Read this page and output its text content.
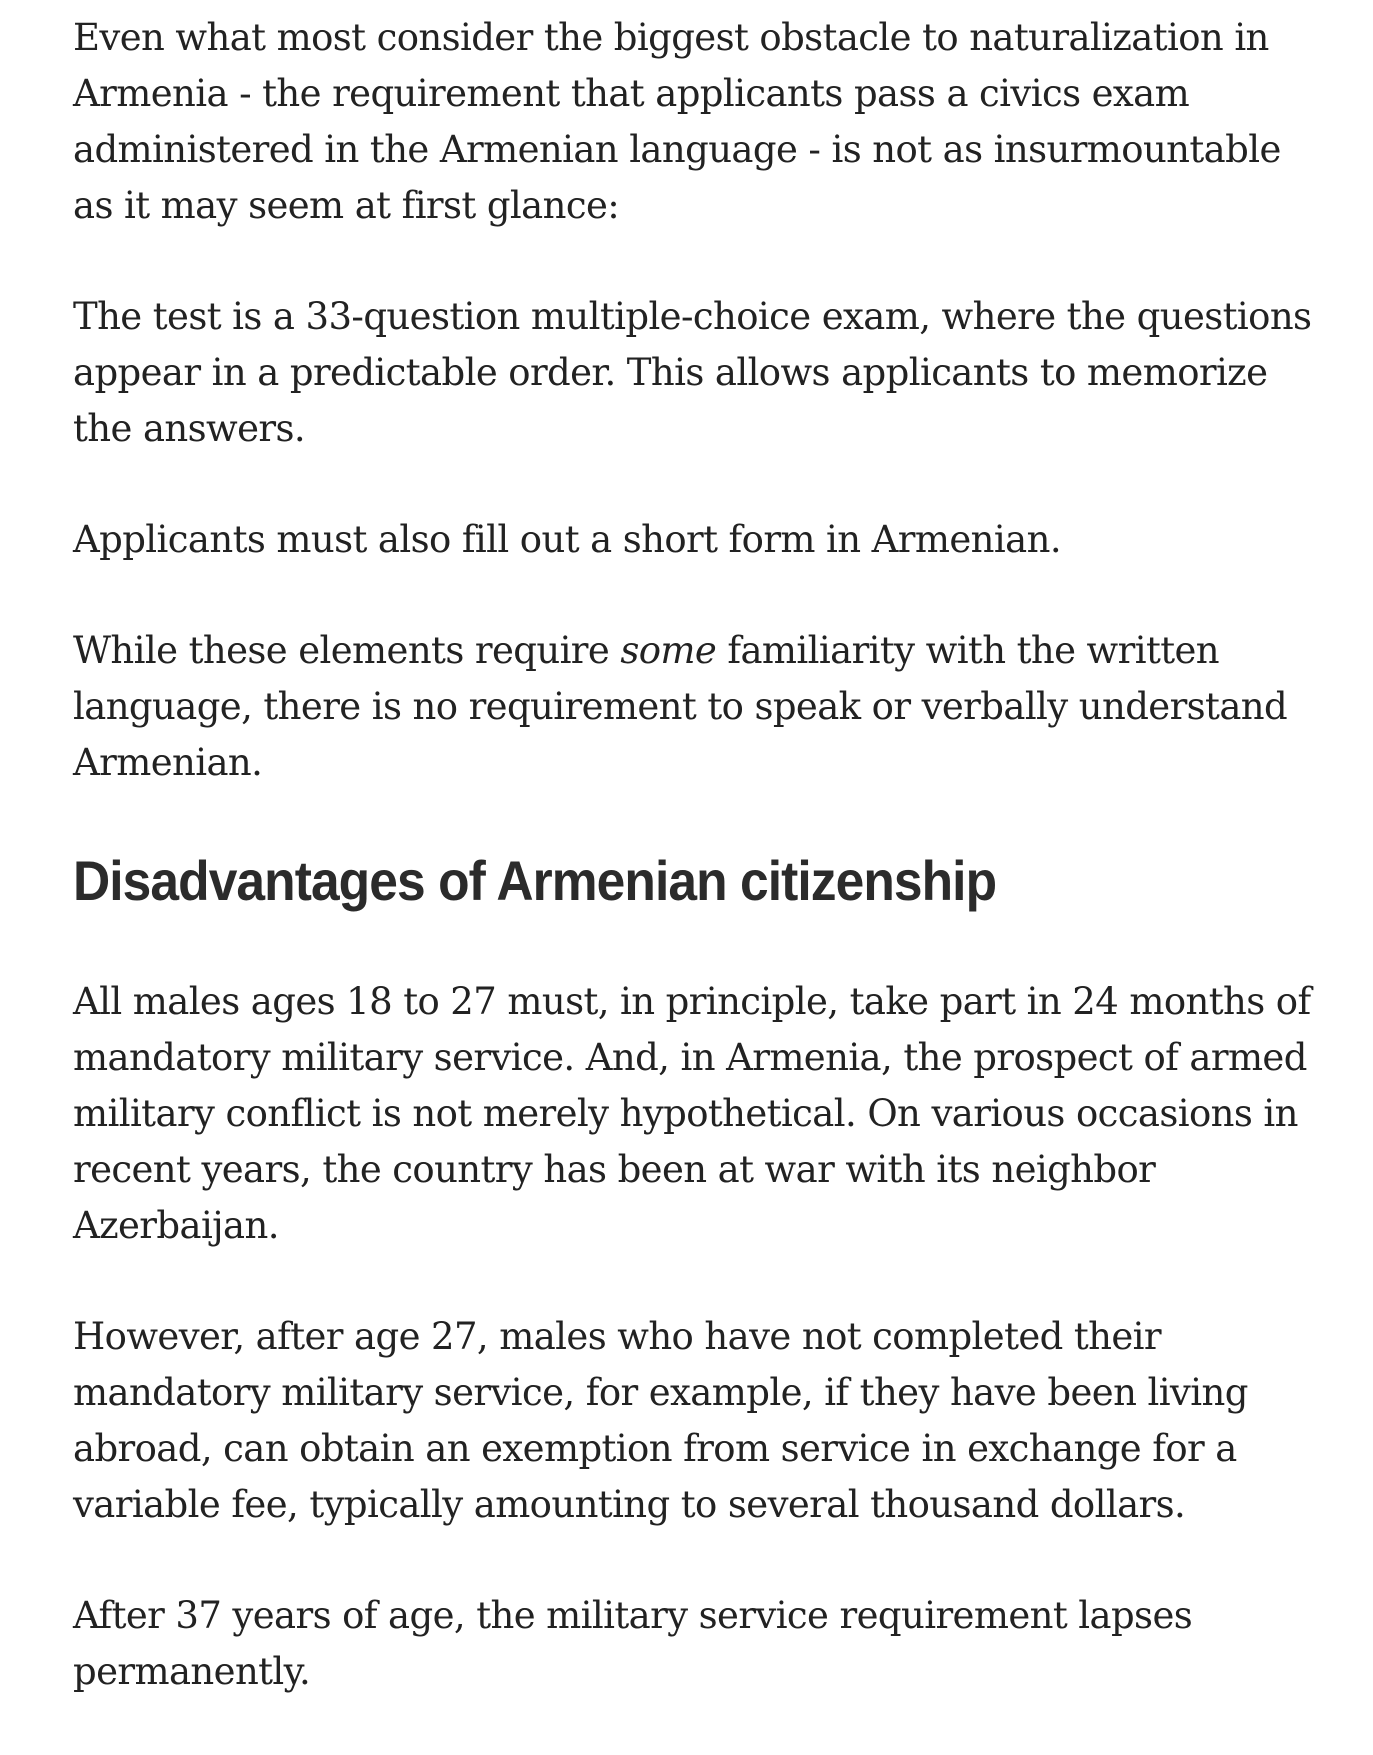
Even what most consider the biggest obstacle to naturalization in Armenia - the requirement that applicants pass a civics exam administered in the Armenian language - is not as insurmountable as it may seem at first glance:

The test is a 33-question multiple-choice exam, where the questions appear in a predictable order. This allows applicants to memorize the answers.

Applicants must also fill out a short form in Armenian.

While these elements require some familiarity with the written language, there is no requirement to speak or verbally understand Armenian.

Disadvantages of Armenian citizenship

All males ages 18 to 27 must, in principle, take part in 24 months of mandatory military service. And, in Armenia, the prospect of armed military conflict is not merely hypothetical. On various occasions in recent years, the country has been at war with its neighbor Azerbaijan.

However, after age 27, males who have not completed their mandatory military service, for example, if they have been living abroad, can obtain an exemption from service in exchange for a variable fee, typically amounting to several thousand dollars.

After 37 years of age, the military service requirement lapses permanently.
